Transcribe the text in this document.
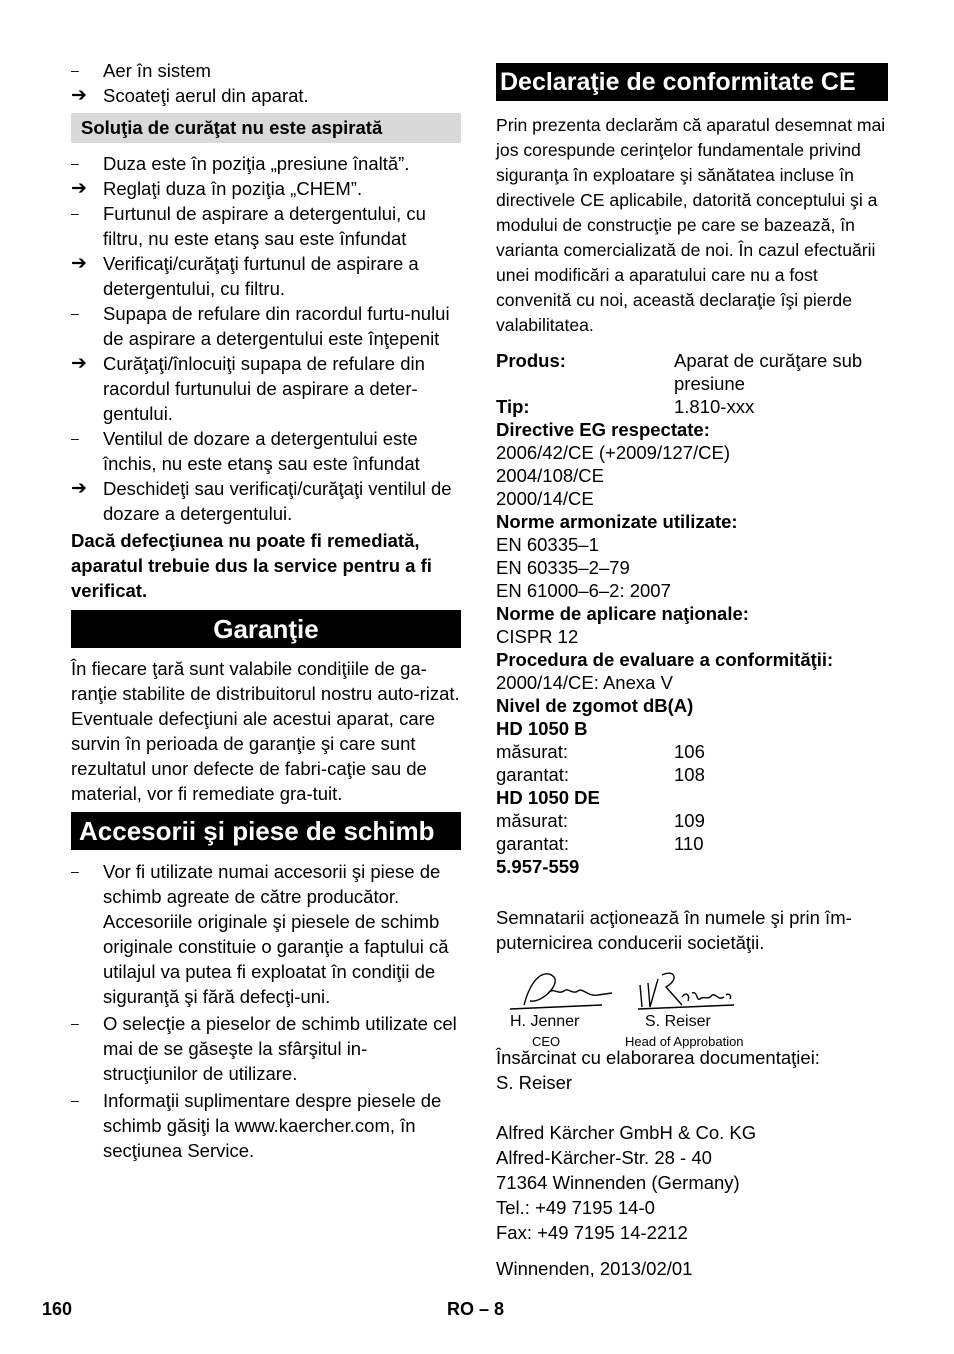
–	Aer în sistem
➔ Scoateţi aerul din aparat.
Soluţia de curăţat nu este aspirată
–	Duza este în poziţia „presiune înaltă”.
➔ Reglaţi duza în poziţia „CHEM”.
–	Furtunul de aspirare a detergentului, cu filtru, nu este etanş sau este înfundat
➔ Verificaţi/curăţaţi furtunul de aspirare a detergentului, cu filtru.
–	Supapa de refulare din racordul furtu-nului de aspirare a detergentului este înţepenit
➔ Curăţaţi/înlocuiţi supapa de refulare din racordul furtunului de aspirare a deter-gentului.
–	Ventilul de dozare a detergentului este închis, nu este etanş sau este înfundat
➔ Deschideţi sau verificaţi/curăţaţi ventilul de dozare a detergentului.

Dacă defecţiunea nu poate fi remediată, aparatul trebuie dus la service pentru a fi verificat.

Garanţie

În fiecare ţară sunt valabile condiţiile de ga-ranţie stabilite de distribuitorul nostru auto-rizat. Eventuale defecţiuni ale acestui aparat, care survin în perioada de garanţie şi care sunt rezultatul unor defecte de fabri-caţie sau de material, vor fi remediate gra-tuit.

Accesorii şi piese de schimb
–	Vor fi utilizate numai accesorii şi piese de schimb agreate de către producător. Accesoriile originale şi piesele de schimb originale constituie o garanţie a faptului că utilajul va putea fi exploatat în condiţii de siguranţă şi fără defecţi-uni.
–	O selecţie a pieselor de schimb utilizate cel mai de se găseşte la sfârşitul in-strucţiunilor de utilizare.
–	Informaţii suplimentare despre piesele de schimb găsiţi la www.kaercher.com, în secţiunea Service.
Declaraţie de conformitate CE

Prin prezenta declarăm că aparatul desemnat mai jos corespunde cerinţelor fundamentale privind siguranţa în exploatare şi sănătatea incluse în directivele CE aplicabile, datorită conceptului şi a modului de construcţie pe care se bazează, în varianta comercializată de noi. În cazul efectuării unei modificări a aparatului care nu a fost convenită cu noi, această declaraţie îşi pierde valabilitatea.

Produs:	Aparat de curăţare sub presiune
Tip:	1.810-xxx
Directive EG respectate:
2006/42/CE (+2009/127/CE)
2004/108/CE
2000/14/CE
Norme armonizate utilizate:
EN 60335–1
EN 60335–2–79
EN 61000–6–2: 2007
Norme de aplicare naţionale:
CISPR 12
Procedura de evaluare a conformităţii:
2000/14/CE: Anexa V
Nivel de zgomot dB(A)
HD 1050 B
măsurat:	106
garantat:	108
HD 1050 DE
măsurat:	109
garantat:	110
5.957-559

Semnatarii acţionează în numele şi prin îm-puternicirea conducerii societăţii.

H. Jenner
CEO
S. Reiser
Head of Approbation
Însărcinat cu elaborarea documentaţiei:
S. Reiser
Alfred Kärcher GmbH & Co. KG
Alfred-Kärcher-Str. 28 - 40
71364 Winnenden (Germany)
Tel.: +49 7195 14-0
Fax: +49 7195 14-2212
Winnenden, 2013/02/01
160	RO – 8
